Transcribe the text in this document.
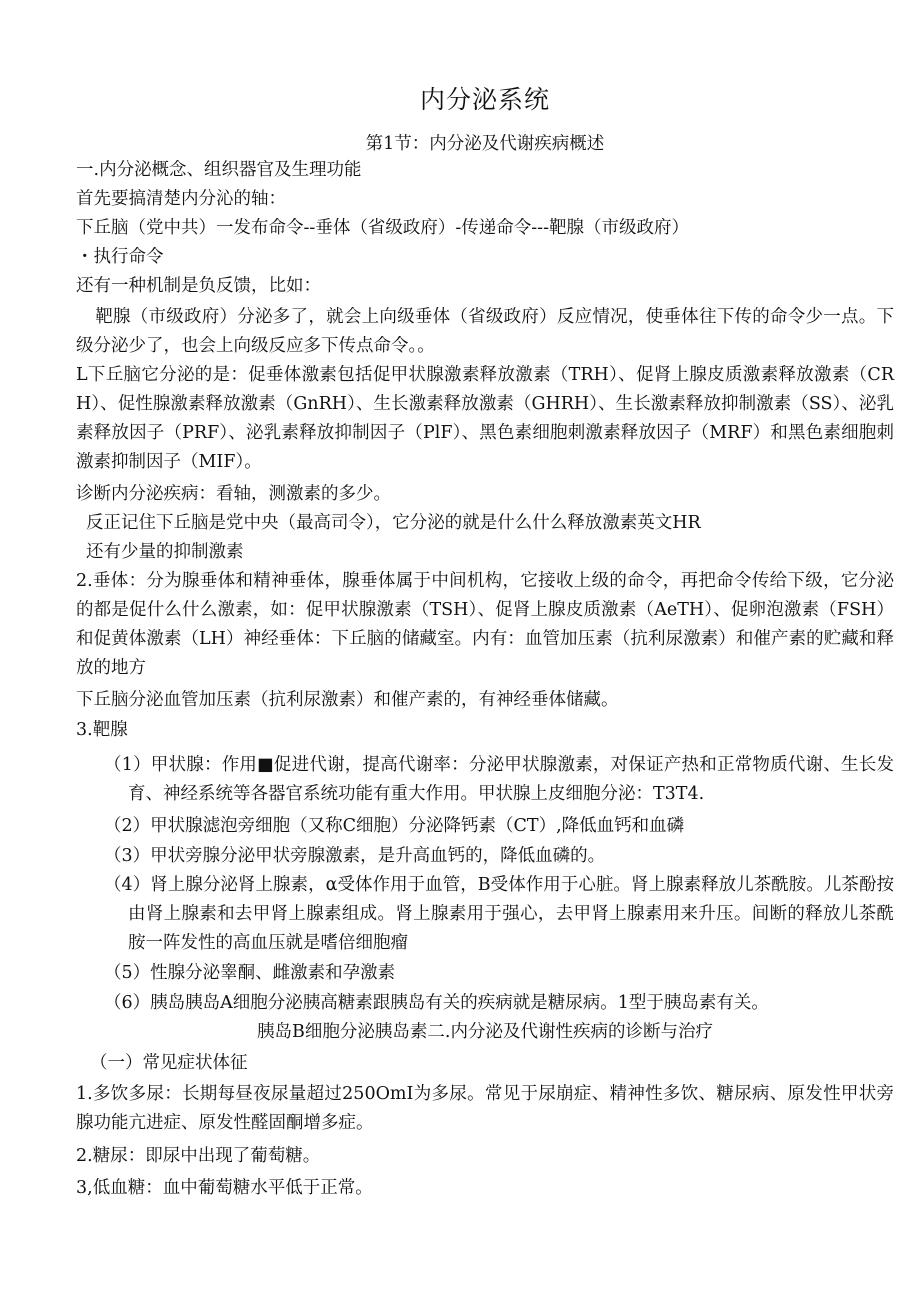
内分泌系统
第1节：内分泌及代谢疾病概述
一.内分泌概念、组织器官及生理功能
首先要搞清楚内分沁的轴：
下丘脑（党中共）一发布命令--垂体（省级政府）-传递命令---靶腺（市级政府）
・执行命令
还有一种机制是负反馈，比如：
靶腺（市级政府）分泌多了，就会上向级垂体（省级政府）反应情况，使垂体往下传的命令少一点。下级分泌少了，也会上向级反应多下传点命令。。
L下丘脑它分泌的是：促垂体激素包括促甲状腺激素释放激素（TRH）、促肾上腺皮质激素释放激素（CRH）、促性腺激素释放激素（GnRH）、生长激素释放激素（GHRH）、生长激素释放抑制激素（SS）、泌乳素释放因子（PRF）、泌乳素释放抑制因子（PlF）、黑色素细胞刺激素释放因子（MRF）和黑色素细胞刺激素抑制因子（MIF）。
诊断内分泌疾病：看轴，测激素的多少。
反正记住下丘脑是党中央（最高司令），它分泌的就是什么什么释放激素英文HR
还有少量的抑制激素
2.垂体：分为腺垂体和精神垂体，腺垂体属于中间机构，它接收上级的命令，再把命令传给下级，它分泌的都是促什么什么激素，如：促甲状腺激素（TSH）、促肾上腺皮质激素（AeTH）、促卵泡激素（FSH）和促黄体激素（LH）神经垂体：下丘脑的储藏室。内有：血管加压素（抗利尿激素）和催产素的贮藏和释放的地方
下丘脑分泌血管加压素（抗利尿激素）和催产素的，有神经垂体储藏。
3.靶腺
（1）甲状腺：作用■促进代谢，提高代谢率：分泌甲状腺激素，对保证产热和正常物质代谢、生长发育、神经系统等各器官系统功能有重大作用。甲状腺上皮细胞分泌：T3T4.
（2）甲状腺滤泡旁细胞（又称C细胞）分泌降钙素（CT）,降低血钙和血磷
（3）甲状旁腺分泌甲状旁腺激素，是升高血钙的，降低血磷的。
（4）肾上腺分泌肾上腺素，α受体作用于血管，B受体作用于心脏。肾上腺素释放儿茶酰胺。儿茶酚按由肾上腺素和去甲肾上腺素组成。肾上腺素用于强心，去甲肾上腺素用来升压。间断的释放儿茶酰胺一阵发性的高血压就是嗜倍细胞瘤
（5）性腺分泌睾酮、雌激素和孕激素
（6）胰岛胰岛A细胞分泌胰高糖素跟胰岛有关的疾病就是糖尿病。1型于胰岛素有关。
胰岛B细胞分泌胰岛素二.内分泌及代谢性疾病的诊断与治疗
（一）常见症状体征
1.多饮多尿：长期每昼夜尿量超过250OmI为多尿。常见于尿崩症、精神性多饮、糖尿病、原发性甲状旁腺功能亢进症、原发性醛固酮增多症。
2.糖尿：即尿中出现了葡萄糖。
3,低血糖：血中葡萄糖水平低于正常。
